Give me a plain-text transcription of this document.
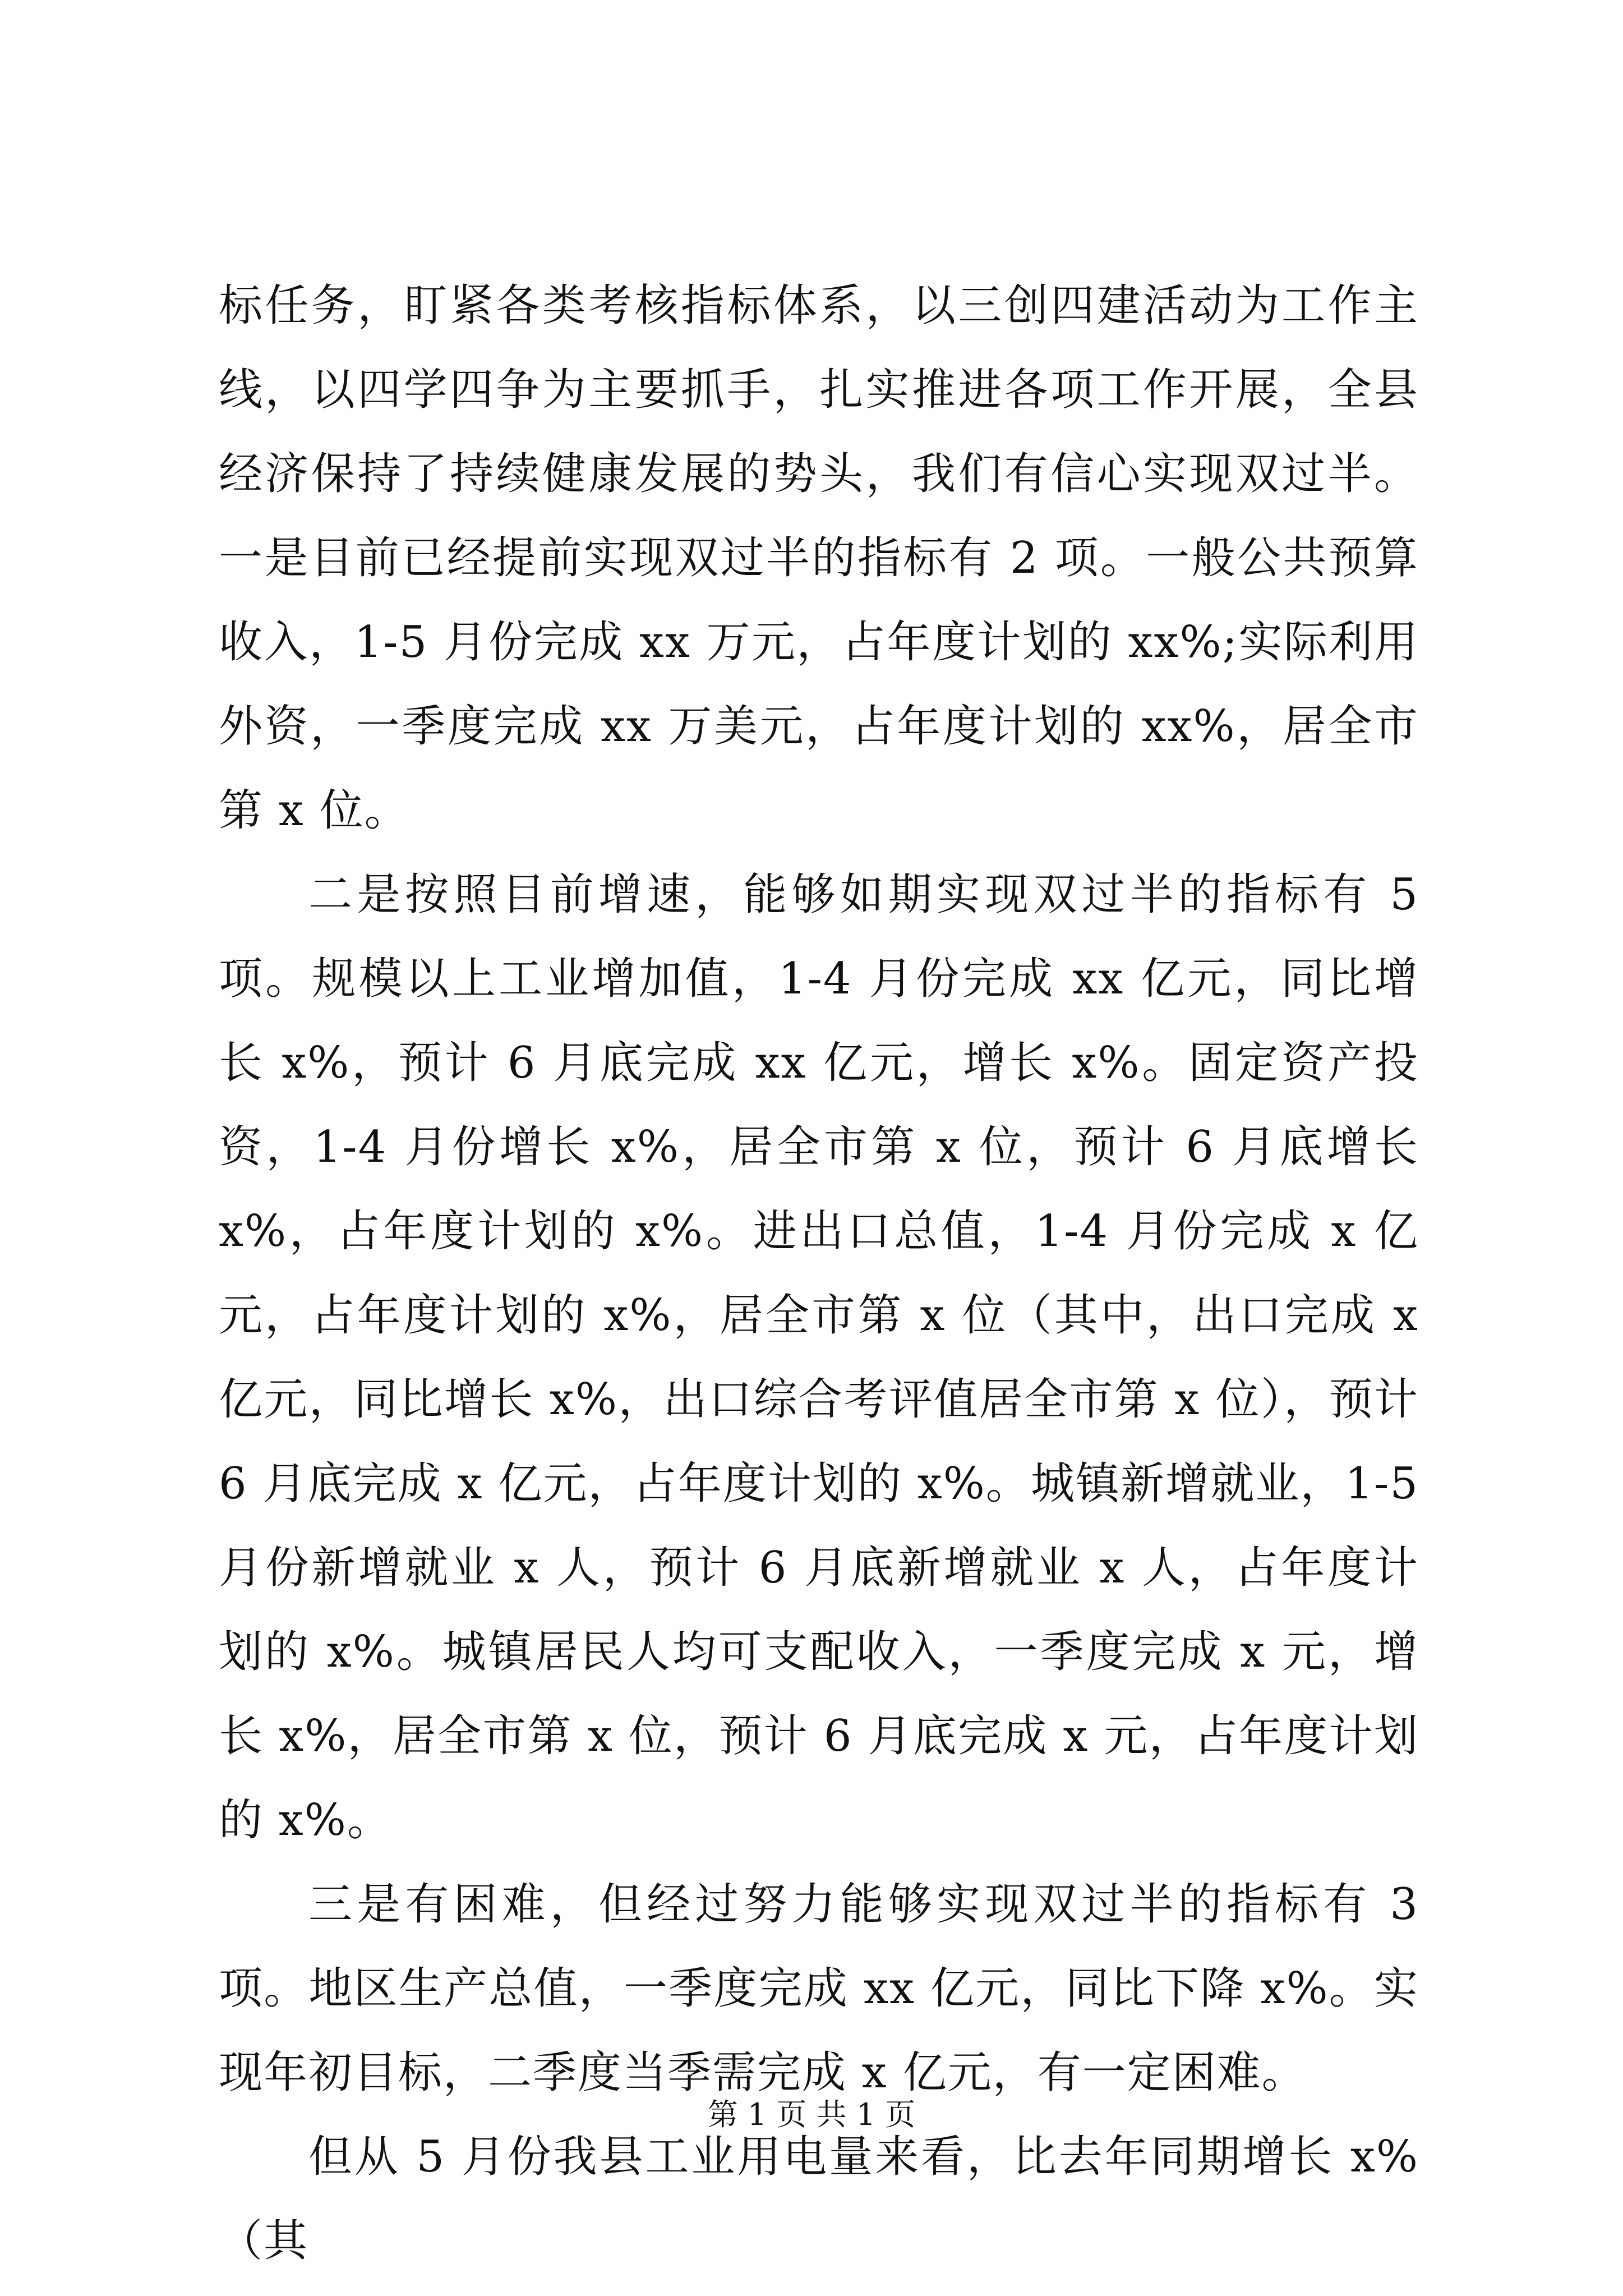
标任务，盯紧各类考核指标体系，以三创四建活动为工作主线，以四学四争为主要抓手，扎实推进各项工作开展，全县经济保持了持续健康发展的势头，我们有信心实现双过半。一是目前已经提前实现双过半的指标有 2 项。一般公共预算收入，1-5 月份完成 xx 万元，占年度计划的 xx%;实际利用外资，一季度完成 xx 万美元，占年度计划的 xx%，居全市第 x 位。

二是按照目前增速，能够如期实现双过半的指标有 5 项。规模以上工业增加值，1-4 月份完成 xx 亿元，同比增长 x%，预计 6 月底完成 xx 亿元，增长 x%。固定资产投资，1-4 月份增长 x%，居全市第 x 位，预计 6 月底增长 x%，占年度计划的 x%。进出口总值，1-4 月份完成 x 亿元，占年度计划的 x%，居全市第 x 位（其中，出口完成 x 亿元，同比增长 x%，出口综合考评值居全市第 x 位），预计 6 月底完成 x 亿元，占年度计划的 x%。城镇新增就业，1-5 月份新增就业 x 人，预计 6 月底新增就业 x 人，占年度计划的 x%。城镇居民人均可支配收入，一季度完成 x 元，增长 x%，居全市第 x 位，预计 6 月底完成 x 元，占年度计划的 x%。

三是有困难，但经过努力能够实现双过半的指标有 3 项。地区生产总值，一季度完成 xx 亿元，同比下降 x%。实现年初目标，二季度当季需完成 x 亿元，有一定困难。

但从 5 月份我县工业用电量来看，比去年同期增长 x%（其

第 1 页 共 1 页
